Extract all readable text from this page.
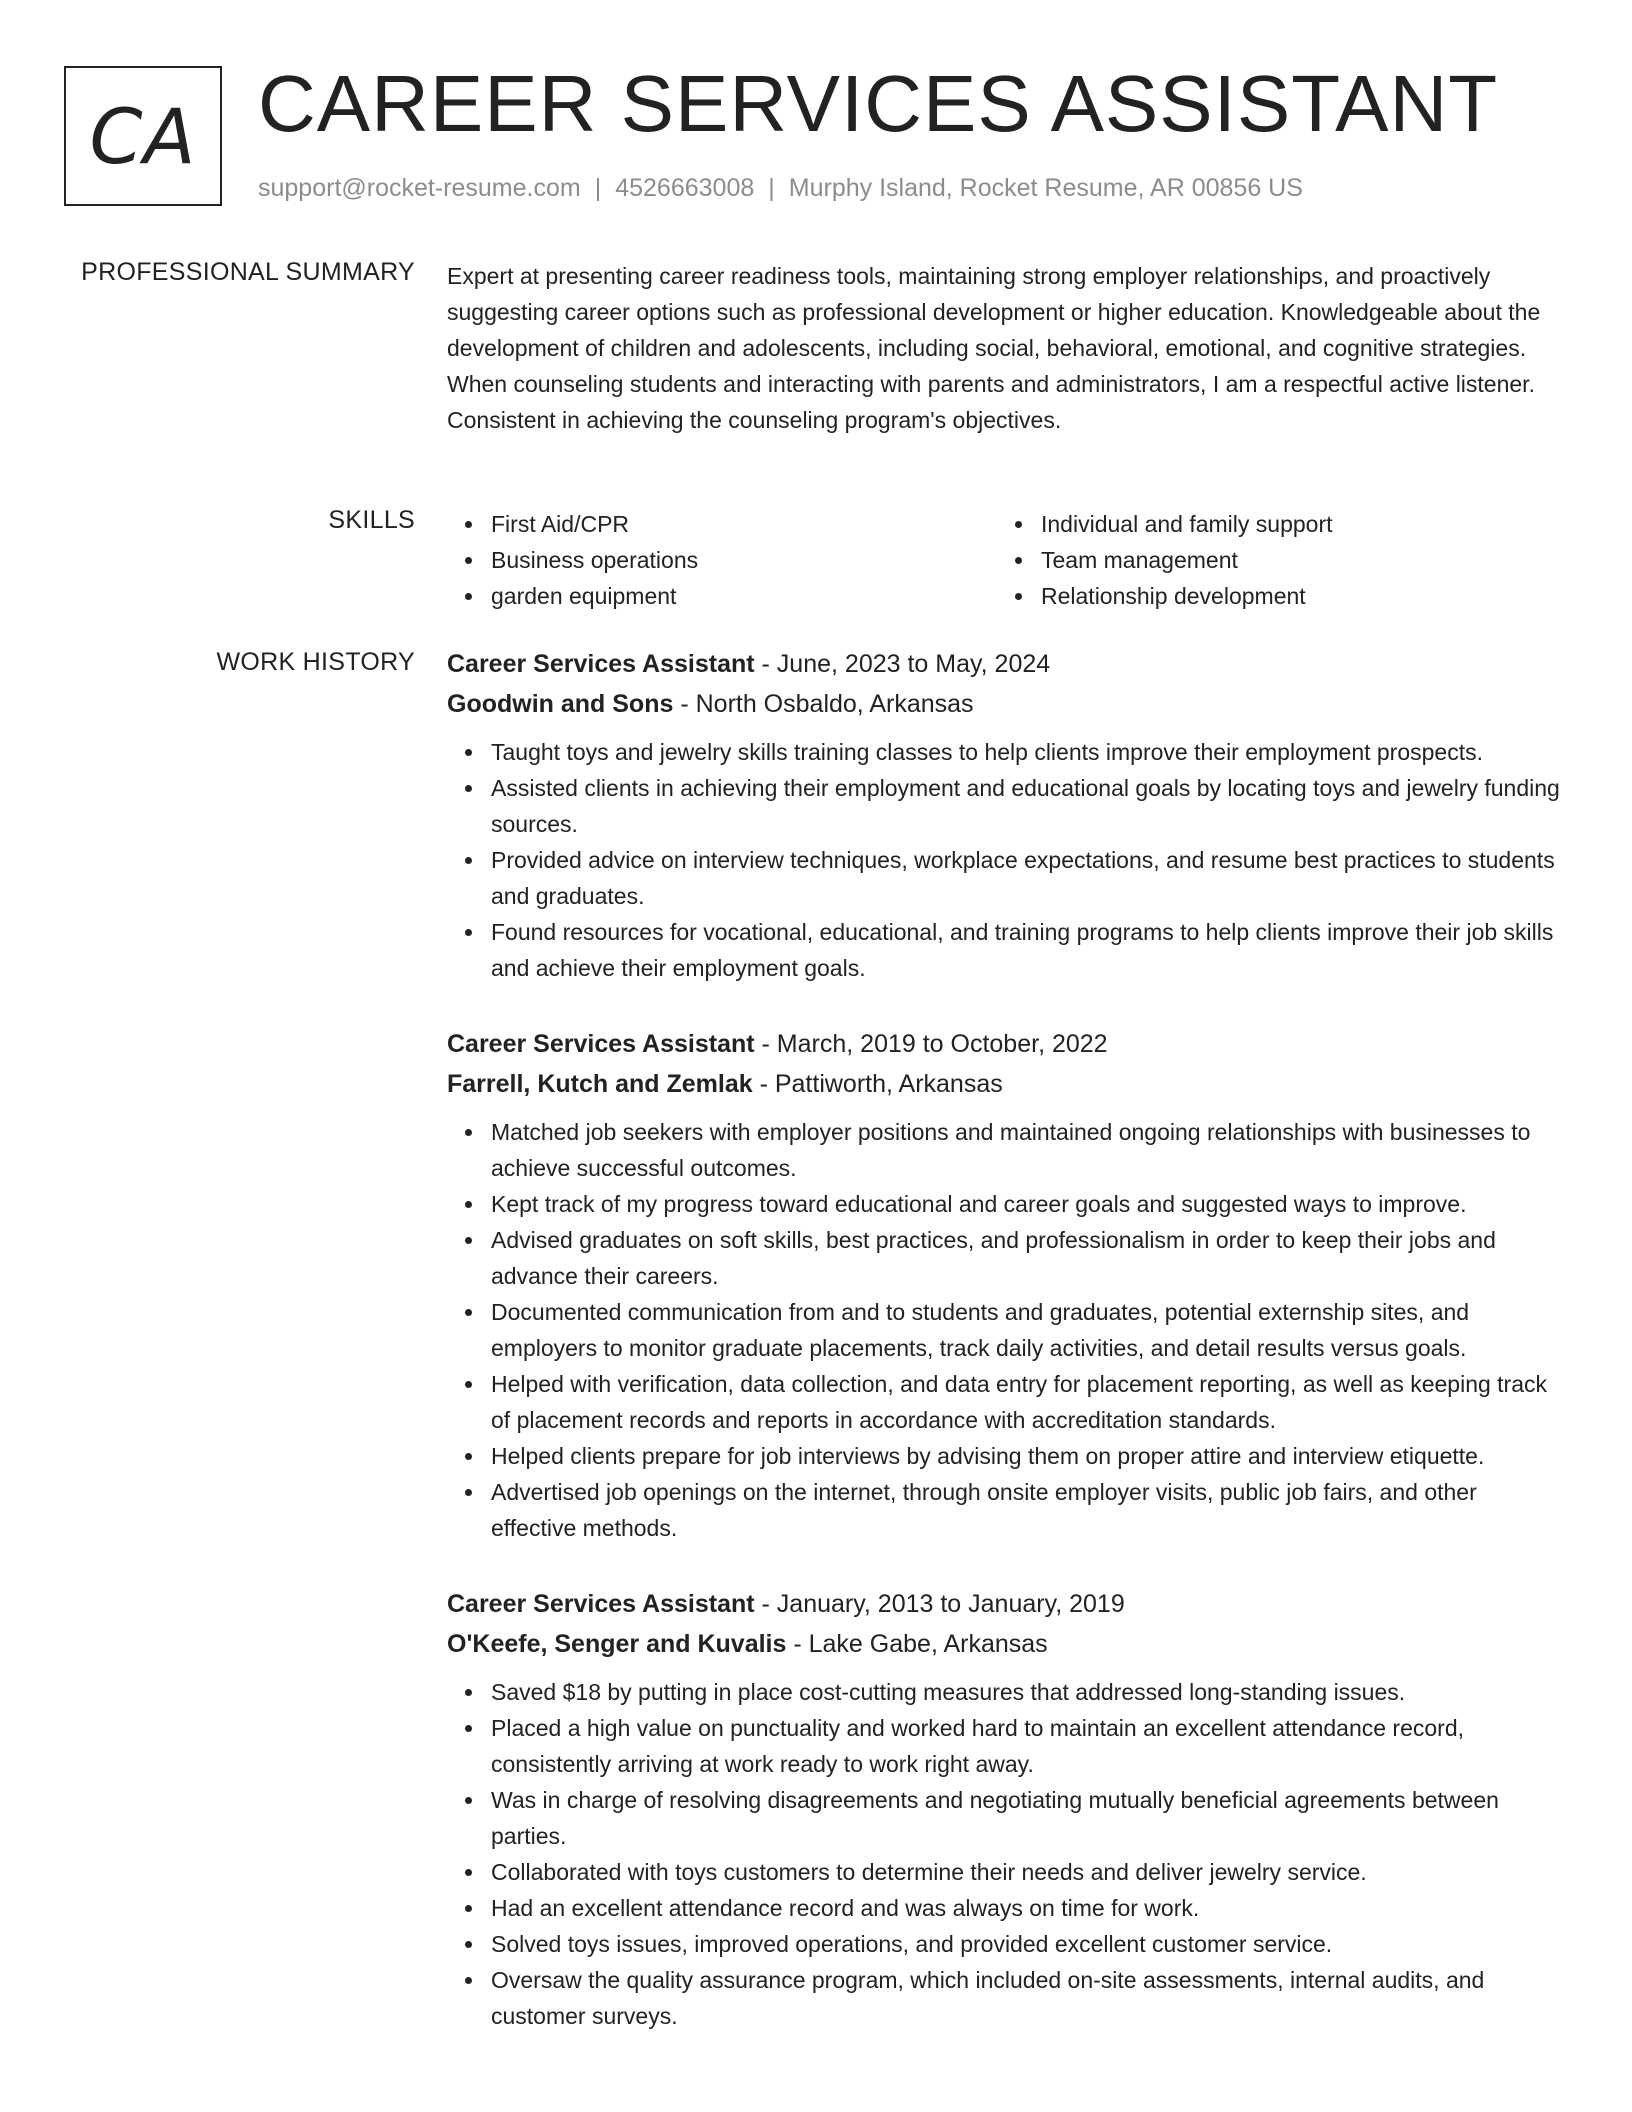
CA CAREER SERVICES ASSISTANT
support@rocket-resume.com | 4526663008 | Murphy Island, Rocket Resume, AR 00856 US
PROFESSIONAL SUMMARY Expert at presenting career readiness tools, maintaining strong employer relationships, and proactively suggesting career options such as professional development or higher education. Knowledgeable about the development of children and adolescents, including social, behavioral, emotional, and cognitive strategies. When counseling students and interacting with parents and administrators, I am a respectful active listener. Consistent in achieving the counseling program's objectives.

SKILLS	First Aid/CPR
Business operations
garden equipment
Individual and family support
Team management
Relationship development
WORK HISTORY Career Services Assistant - June, 2023 to May, 2024
Goodwin and Sons - North Osbaldo, Arkansas
Taught toys and jewelry skills training classes to help clients improve their employment prospects.
Assisted clients in achieving their employment and educational goals by locating toys and jewelry funding sources.
Provided advice on interview techniques, workplace expectations, and resume best practices to students and graduates.
Found resources for vocational, educational, and training programs to help clients improve their job skills and achieve their employment goals.
Career Services Assistant - March, 2019 to October, 2022
Farrell, Kutch and Zemlak - Pattiworth, Arkansas
Matched job seekers with employer positions and maintained ongoing relationships with businesses to achieve successful outcomes.
Kept track of my progress toward educational and career goals and suggested ways to improve.
Advised graduates on soft skills, best practices, and professionalism in order to keep their jobs and advance their careers.
Documented communication from and to students and graduates, potential externship sites, and employers to monitor graduate placements, track daily activities, and detail results versus goals.
Helped with verification, data collection, and data entry for placement reporting, as well as keeping track of placement records and reports in accordance with accreditation standards.
Helped clients prepare for job interviews by advising them on proper attire and interview etiquette.
Advertised job openings on the internet, through onsite employer visits, public job fairs, and other effective methods.
Career Services Assistant - January, 2013 to January, 2019
O'Keefe, Senger and Kuvalis - Lake Gabe, Arkansas
Saved $18 by putting in place cost-cutting measures that addressed long-standing issues.
Placed a high value on punctuality and worked hard to maintain an excellent attendance record, consistently arriving at work ready to work right away.
Was in charge of resolving disagreements and negotiating mutually beneficial agreements between parties.
Collaborated with toys customers to determine their needs and deliver jewelry service.
Had an excellent attendance record and was always on time for work.
Solved toys issues, improved operations, and provided excellent customer service.
Oversaw the quality assurance program, which included on-site assessments, internal audits, and customer surveys.
